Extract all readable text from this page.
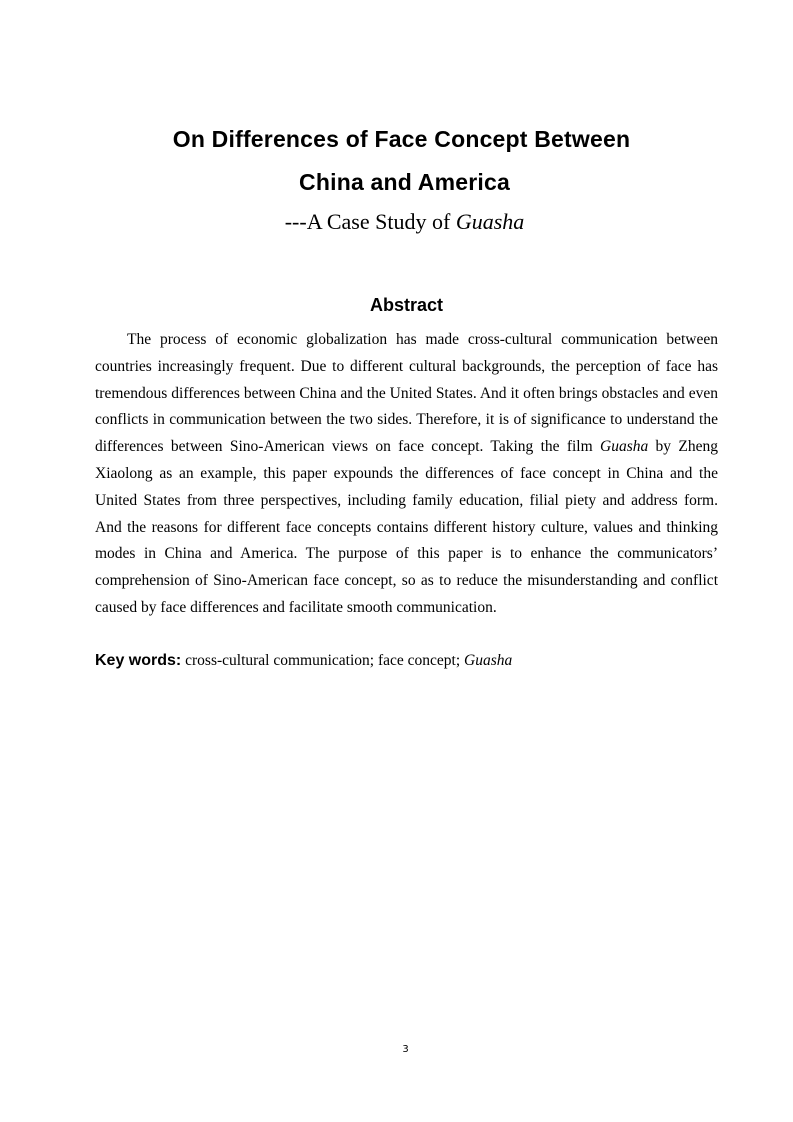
On Differences of Face Concept Between
China and America
---A Case Study of Guasha
Abstract

The process of economic globalization has made cross-cultural communication between countries increasingly frequent. Due to different cultural backgrounds, the perception of face has tremendous differences between China and the United States. And it often brings obstacles and even conflicts in communication between the two sides. Therefore, it is of significance to understand the differences between Sino-American views on face concept. Taking the film Guasha by Zheng Xiaolong as an example, this paper expounds the differences of face concept in China and the United States from three perspectives, including family education, filial piety and address form. And the reasons for different face concepts contains different history culture, values and thinking modes in China and America. The purpose of this paper is to enhance the communicators’ comprehension of Sino-American face concept, so as to reduce the misunderstanding and conflict caused by face differences and facilitate smooth communication.

Key words: cross-cultural communication; face concept; Guasha
3
